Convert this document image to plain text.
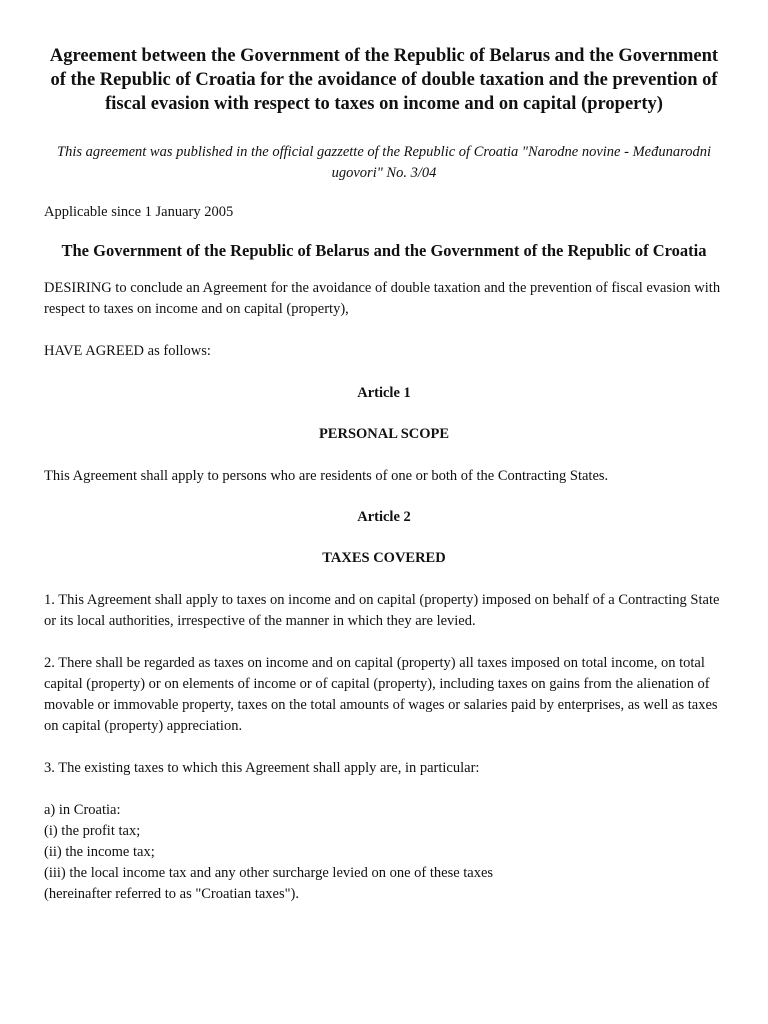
Agreement between the Government of the Republic of Belarus and the Government of the Republic of Croatia for the avoidance of double taxation and the prevention of fiscal evasion with respect to taxes on income and on capital (property)

This agreement was published in the official gazzette of the Republic of Croatia "Narodne novine - Međunarodni ugovori" No. 3/04

Applicable since 1 January 2005

The Government of the Republic of Belarus and the Government of the Republic of Croatia

DESIRING to conclude an Agreement for the avoidance of double taxation and the prevention of fiscal evasion with respect to taxes on income and on capital (property),

HAVE AGREED as follows:

Article 1
PERSONAL SCOPE

This Agreement shall apply to persons who are residents of one or both of the Contracting States.

Article 2
TAXES COVERED

1. This Agreement shall apply to taxes on income and on capital (property) imposed on behalf of a Contracting State or its local authorities, irrespective of the manner in which they are levied.

2. There shall be regarded as taxes on income and on capital (property) all taxes imposed on total income, on total capital (property) or on elements of income or of capital (property), including taxes on gains from the alienation of movable or immovable property, taxes on the total amounts of wages or salaries paid by enterprises, as well as taxes on capital (property) appreciation.

3. The existing taxes to which this Agreement shall apply are, in particular:

a) in Croatia:
(i) the profit tax;
(ii) the income tax;
(iii) the local income tax and any other surcharge levied on one of these taxes
(hereinafter referred to as "Croatian taxes").
